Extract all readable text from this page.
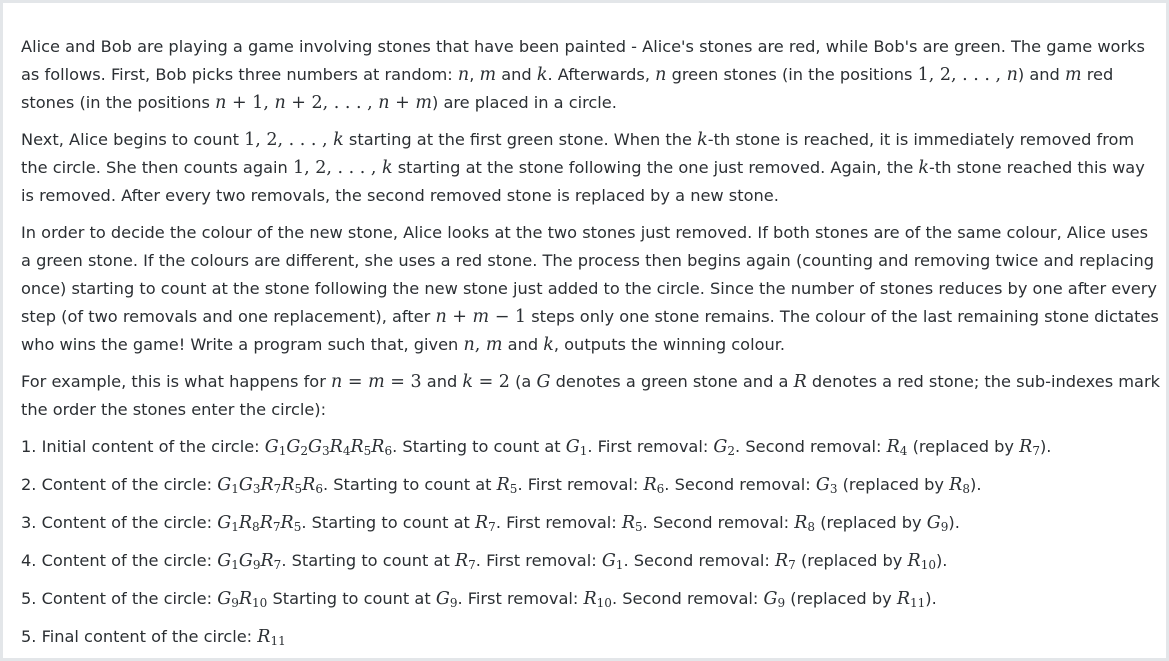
Alice and Bob are playing a game involving stones that have been painted - Alice's stones are red, while Bob's are green. The game works as follows. First, Bob picks three numbers at random: n, m and k. Afterwards, n green stones (in the positions 1, 2, . . . , n) and m red stones (in the positions n + 1, n + 2, . . . , n + m) are placed in a circle.

Next, Alice begins to count 1, 2, . . . , k starting at the first green stone. When the k-th stone is reached, it is immediately removed from the circle. She then counts again 1, 2, . . . , k starting at the stone following the one just removed. Again, the k-th stone reached this way is removed. After every two removals, the second removed stone is replaced by a new stone.

In order to decide the colour of the new stone, Alice looks at the two stones just removed. If both stones are of the same colour, Alice uses a green stone. If the colours are different, she uses a red stone. The process then begins again (counting and removing twice and replacing once) starting to count at the stone following the new stone just added to the circle. Since the number of stones reduces by one after every step (of two removals and one replacement), after n + m − 1 steps only one stone remains. The colour of the last remaining stone dictates who wins the game! Write a program such that, given n, m and k, outputs the winning colour.

For example, this is what happens for n = m = 3 and k = 2 (a G denotes a green stone and a R denotes a red stone; the sub-indexes mark the order the stones enter the circle):

1. Initial content of the circle: $G_1G_2G_3R_4R_5R_6$. Starting to count at $G_1$. First removal: $G_2$. Second removal: $R_4$ (replaced by $R_7$).
2. Content of the circle: $G_1G_3R_7R_5R_6$. Starting to count at $R_5$. First removal: $R_6$. Second removal: $G_3$ (replaced by $R_8$).
3. Content of the circle: $G_1R_8R_7R_5$. Starting to count at $R_7$. First removal: $R_5$. Second removal: $R_8$ (replaced by $G_9$).
4. Content of the circle: $G_1G_9R_7$. Starting to count at $R_7$. First removal: $G_1$. Second removal: $R_7$ (replaced by $R_{10}$).
5. Content of the circle: $G_9R_{10}$ Starting to count at $G_9$. First removal: $R_{10}$. Second removal: $G_9$ (replaced by $R_{11}$).
5. Final content of the circle: $R_{11}$
